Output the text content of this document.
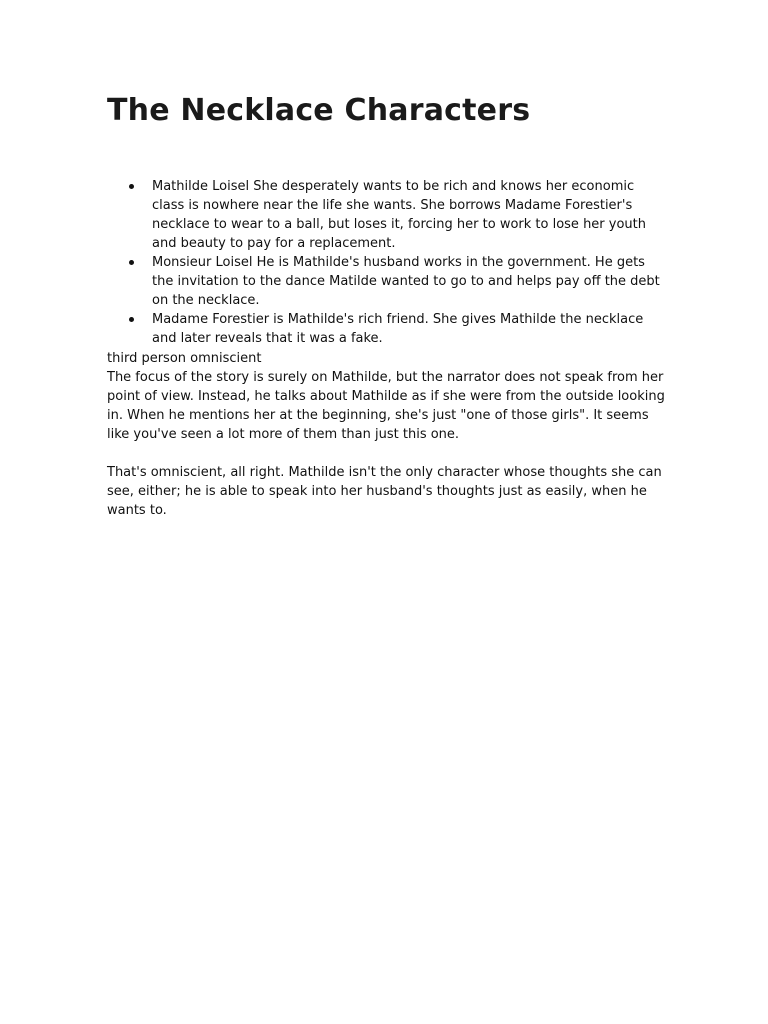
The Necklace Characters
Mathilde Loisel She desperately wants to be rich and knows her economic class is nowhere near the life she wants. She borrows Madame Forestier's necklace to wear to a ball, but loses it, forcing her to work to lose her youth and beauty to pay for a replacement.
Monsieur Loisel He is Mathilde's husband works in the government. He gets the invitation to the dance Matilde wanted to go to and helps pay off the debt on the necklace.
Madame Forestier is Mathilde's rich friend. She gives Mathilde the necklace and later reveals that it was a fake.

third person omniscient

The focus of the story is surely on Mathilde, but the narrator does not speak from her point of view. Instead, he talks about Mathilde as if she were from the outside looking in. When he mentions her at the beginning, she's just "one of those girls". It seems like you've seen a lot more of them than just this one.

That's omniscient, all right. Mathilde isn't the only character whose thoughts she can see, either; he is able to speak into her husband's thoughts just as easily, when he wants to.
